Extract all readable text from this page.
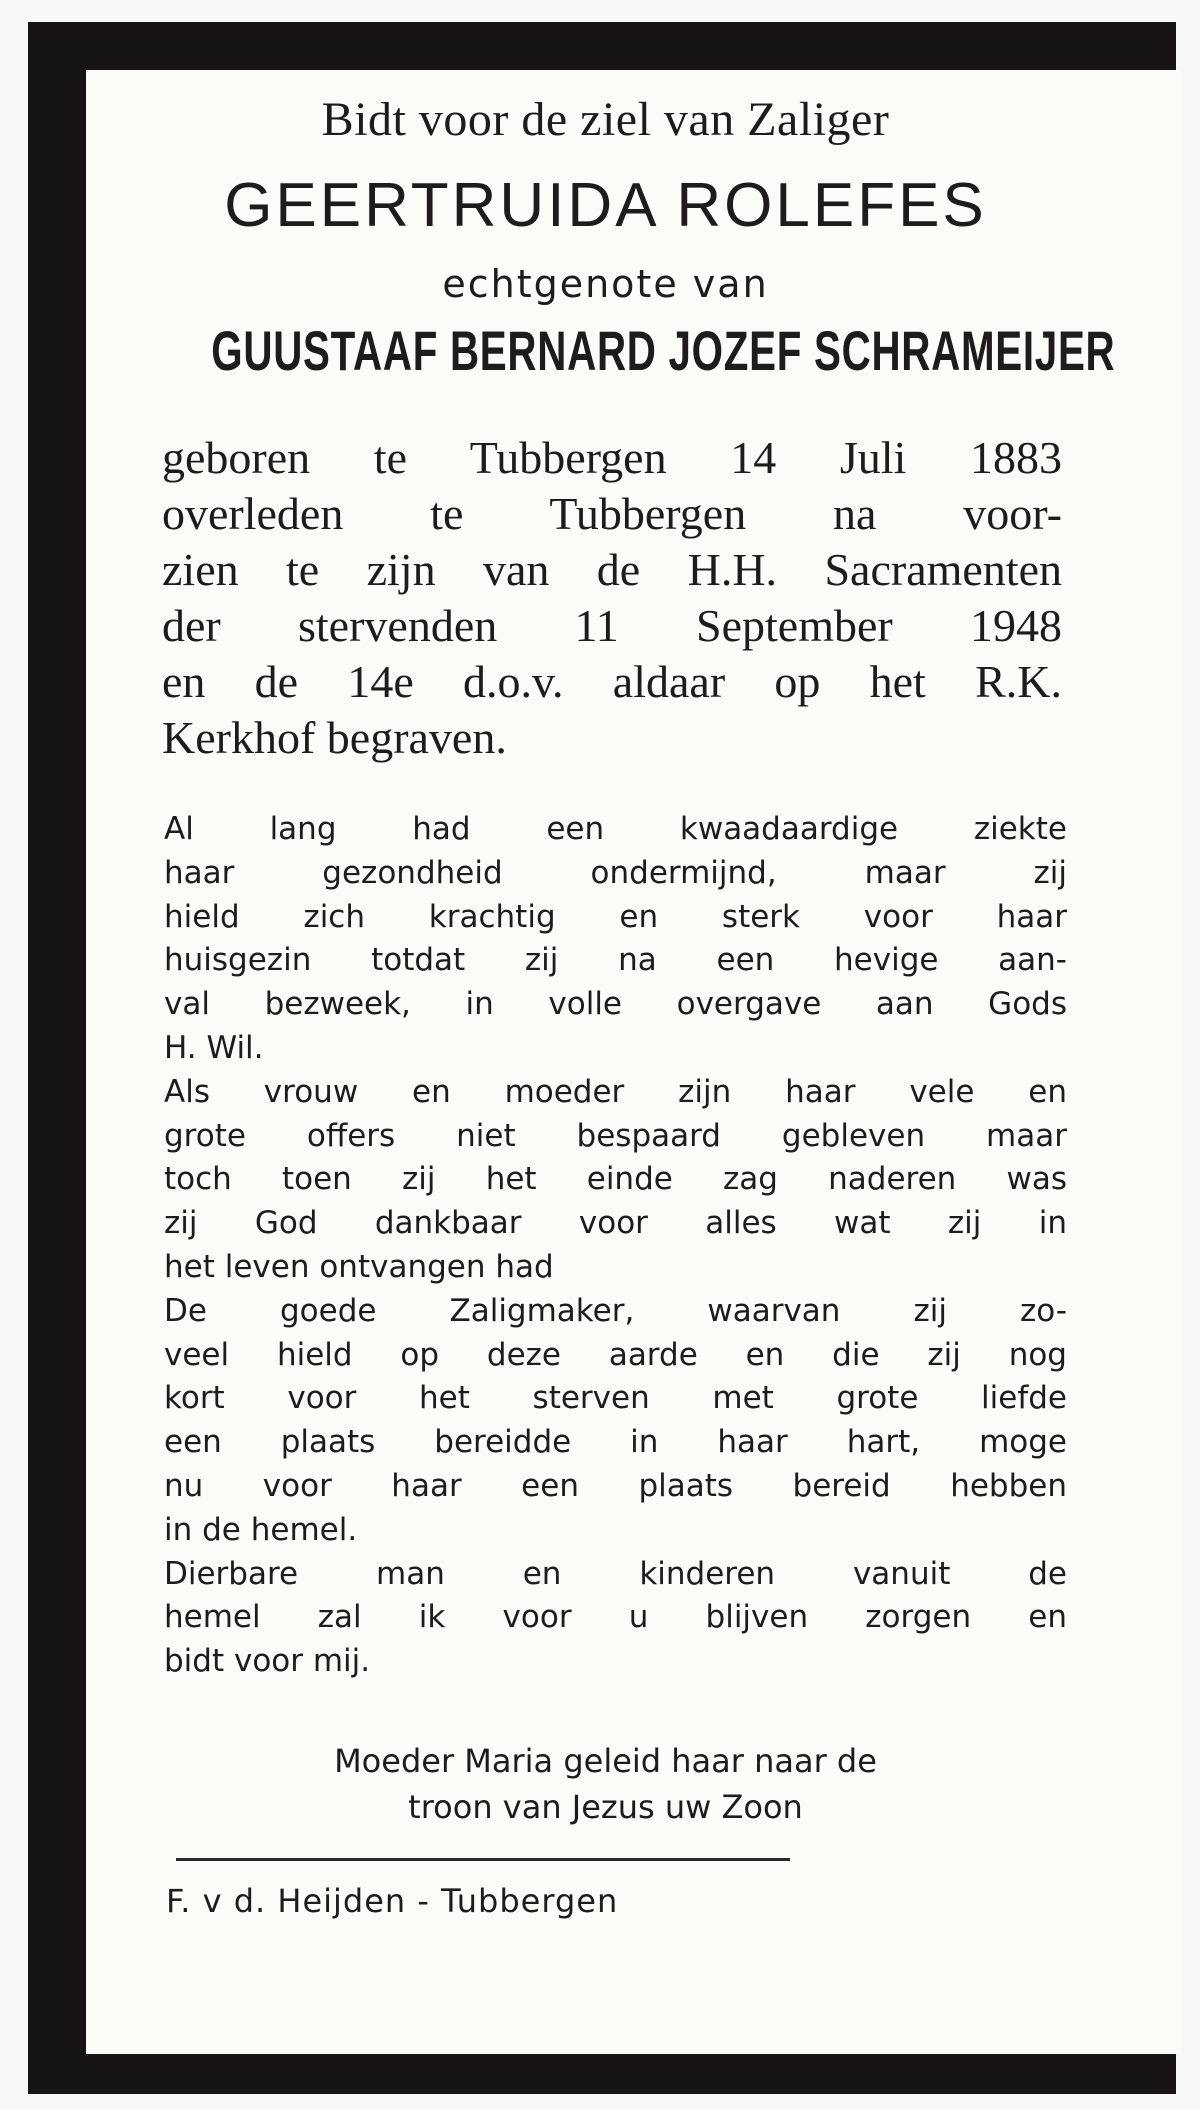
Bidt voor de ziel van Zaliger
GEERTRUIDA ROLEFES
echtgenote van
GUUSTAAF BERNARD JOZEF SCHRAMEIJER
geboren te Tubbergen 14 Juli 1883
overleden te Tubbergen na voor-
zien te zijn van de H.H. Sacramenten
der stervenden 11 September 1948
en de 14e d.o.v. aldaar op het R.K.
Kerkhof begraven.
Al lang had een kwaadaardige ziekte
haar gezondheid ondermijnd, maar zij
hield zich krachtig en sterk voor haar
huisgezin totdat zij na een hevige aan-
val bezweek, in volle overgave aan Gods
H. Wil.
Als vrouw en moeder zijn haar vele en
grote offers niet bespaard gebleven maar
toch toen zij het einde zag naderen was
zij God dankbaar voor alles wat zij in
het leven ontvangen had
De goede Zaligmaker, waarvan zij zo-
veel hield op deze aarde en die zij nog
kort voor het sterven met grote liefde
een plaats bereidde in haar hart, moge
nu voor haar een plaats bereid hebben
in de hemel.
Dierbare man en kinderen vanuit de
hemel zal ik voor u blijven zorgen en
bidt voor mij.
Moeder Maria geleid haar naar de
troon van Jezus uw Zoon
F. v d. Heijden - Tubbergen
